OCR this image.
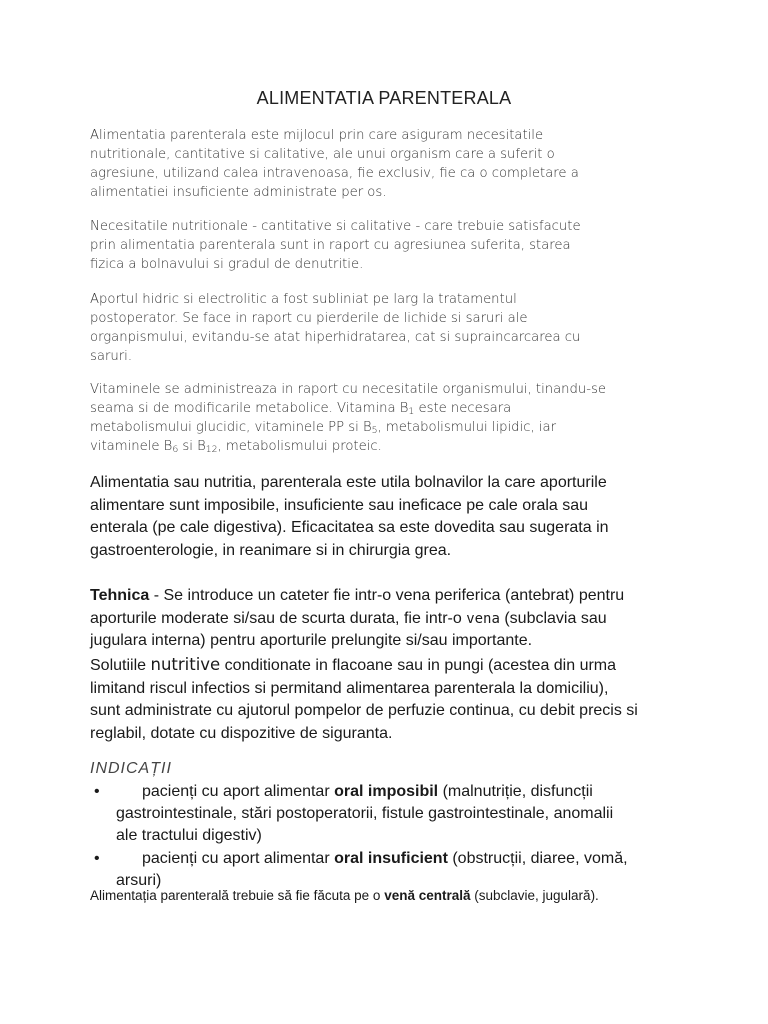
ALIMENTATIA PARENTERALA
Alimentatia parenterala este mijlocul prin care asiguram necesitatile
nutritionale, cantitative si calitative, ale unui organism care a suferit o
agresiune, utilizand calea intravenoasa, fie exclusiv, fie ca o completare a
alimentatiei insuficiente administrate per os.
Necesitatile nutritionale - cantitative si calitative - care trebuie satisfacute
prin alimentatia parenterala sunt in raport cu agresiunea suferita, starea
fizica a bolnavului si gradul de denutritie.
Aportul hidric si electrolitic a fost subliniat pe larg la tratamentul
postoperator. Se face in raport cu pierderile de lichide si saruri ale
organpismului, evitandu-se atat hiperhidratarea, cat si supraincarcarea cu
saruri.
Vitaminele se administreaza in raport cu necesitatile organismului, tinandu-se
seama si de modificarile metabolice. Vitamina $B_1$ este necesara
metabolismului glucidic, vitaminele PP si $B_5$, metabolismului lipidic, iar
vitaminele $B_6$ si $B_{12}$, metabolismului proteic.
Alimentatia sau nutritia, parenterala este utila bolnavilor la care aporturile
alimentare sunt imposibile, insuficiente sau ineficace pe cale orala sau
enterala (pe cale digestiva). Eficacitatea sa este dovedita sau sugerata in
gastroenterologie, in reanimare si in chirurgia grea.
Tehnica - Se introduce un cateter fie intr-o vena periferica (antebrat) pentru
aporturile moderate si/sau de scurta durata, fie intr-o vena (subclavia sau
jugulara interna) pentru aporturile prelungite si/sau importante.
Solutiile nutritive conditionate in flacoane sau in pungi (acestea din urma
limitand riscul infectios si permitand alimentarea parenterala la domiciliu),
sunt administrate cu ajutorul pompelor de perfuzie continua, cu debit precis si
reglabil, dotate cu dispozitive de siguranta.
INDICAȚII
•	pacienți cu aport alimentar oral imposibil (malnutriție, disfuncții
gastrointestinale, stări postoperatorii, fistule gastrointestinale, anomalii
ale tractului digestiv)
•	pacienți cu aport alimentar oral insuficient (obstrucții, diaree, vomă,
arsuri)
Alimentația parenterală trebuie să fie făcuta pe o venă centrală (subclavie, jugulară).
